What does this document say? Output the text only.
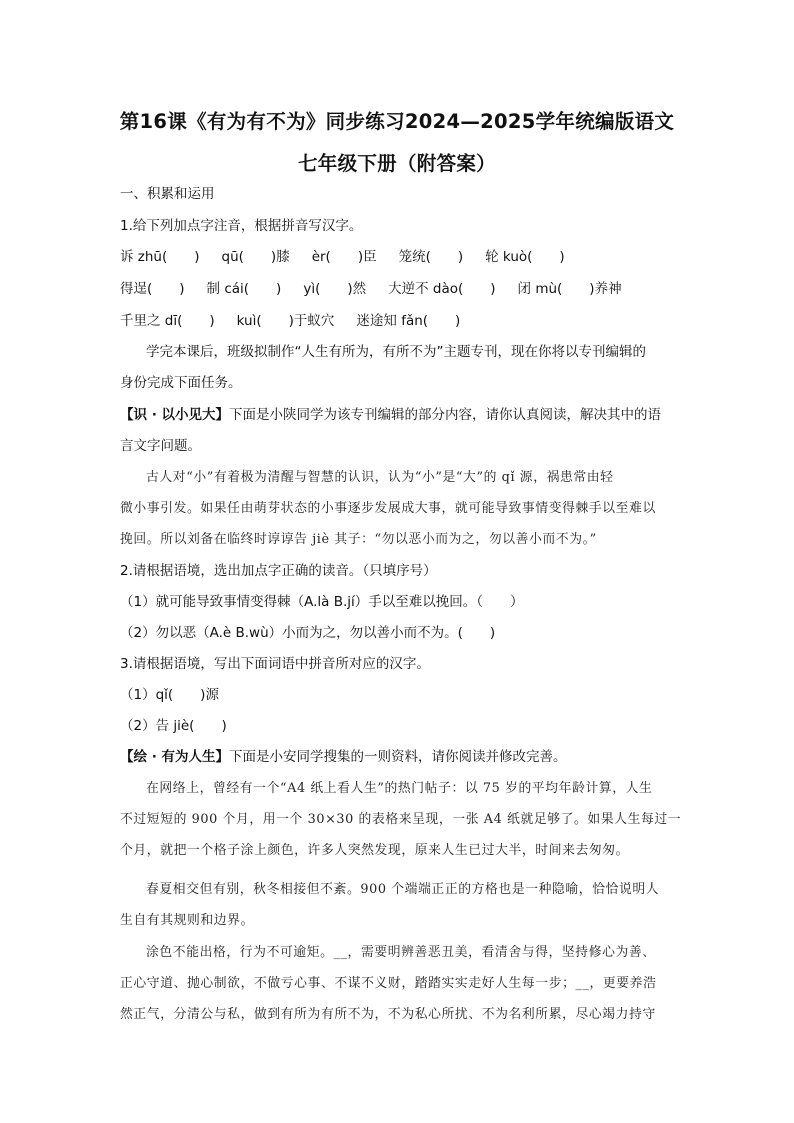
第16课《有为有不为》同步练习2024—2025学年统编版语文
七年级下册（附答案）
一、积累和运用
1.给下列加点字注音，根据拼音写汉字。
诉 zhū(　　) qū(　　)膝 èr(　　)臣 笼统(　　) 轮 kuò(　　)
得逞(　　) 制 cái(　　) yì(　　)然 大逆不 dào(　　) 闭 mù(　　)养神
千里之 dī(　　) kuì(　　)于蚁穴 迷途知 fǎn(　　)
学完本课后，班级拟制作“人生有所为，有所不为”主题专刊，现在你将以专刊编辑的
身份完成下面任务。
【识 · 以小见大】下面是小陕同学为该专刊编辑的部分内容，请你认真阅读，解决其中的语
言文字问题。
古人对“小”有着极为清醒与智慧的认识，认为“小”是“大”的 qǐ 源，祸患常由轻
微小事引发。如果任由萌芽状态的小事逐步发展成大事，就可能导致事情变得棘手以至难以
挽回。所以刘备在临终时谆谆告 jiè 其子：“勿以恶小而为之，勿以善小而不为。”
2.请根据语境，选出加点字正确的读音。（只填序号）
（1）就可能导致事情变得棘（A.là B.jí）手以至难以挽回。（　　）
（2）勿以恶（A.è B.wù）小而为之，勿以善小而不为。(　　)
3.请根据语境，写出下面词语中拼音所对应的汉字。
（1）qǐ(　　)源
（2）告 jiè(　　)
【绘 · 有为人生】下面是小安同学搜集的一则资料，请你阅读并修改完善。
在网络上，曾经有一个“A4 纸上看人生”的热门帖子：以 75 岁的平均年龄计算，人生
不过短短的 900 个月，用一个 30×30 的表格来呈现，一张 A4 纸就足够了。如果人生每过一
个月，就把一个格子涂上颜色，许多人突然发现，原来人生已过大半，时间来去匆匆。
春夏相交但有别，秋冬相接但不紊。900 个端端正正的方格也是一种隐喻，恰恰说明人
生自有其规则和边界。
涂色不能出格，行为不可逾矩。__，需要明辨善恶丑美，看清舍与得，坚持修心为善、
正心守道、抛心制欲，不做亏心事、不谋不义财，踏踏实实走好人生每一步；__，更要养浩
然正气，分清公与私，做到有所为有所不为，不为私心所扰、不为名利所累，尽心竭力持守
